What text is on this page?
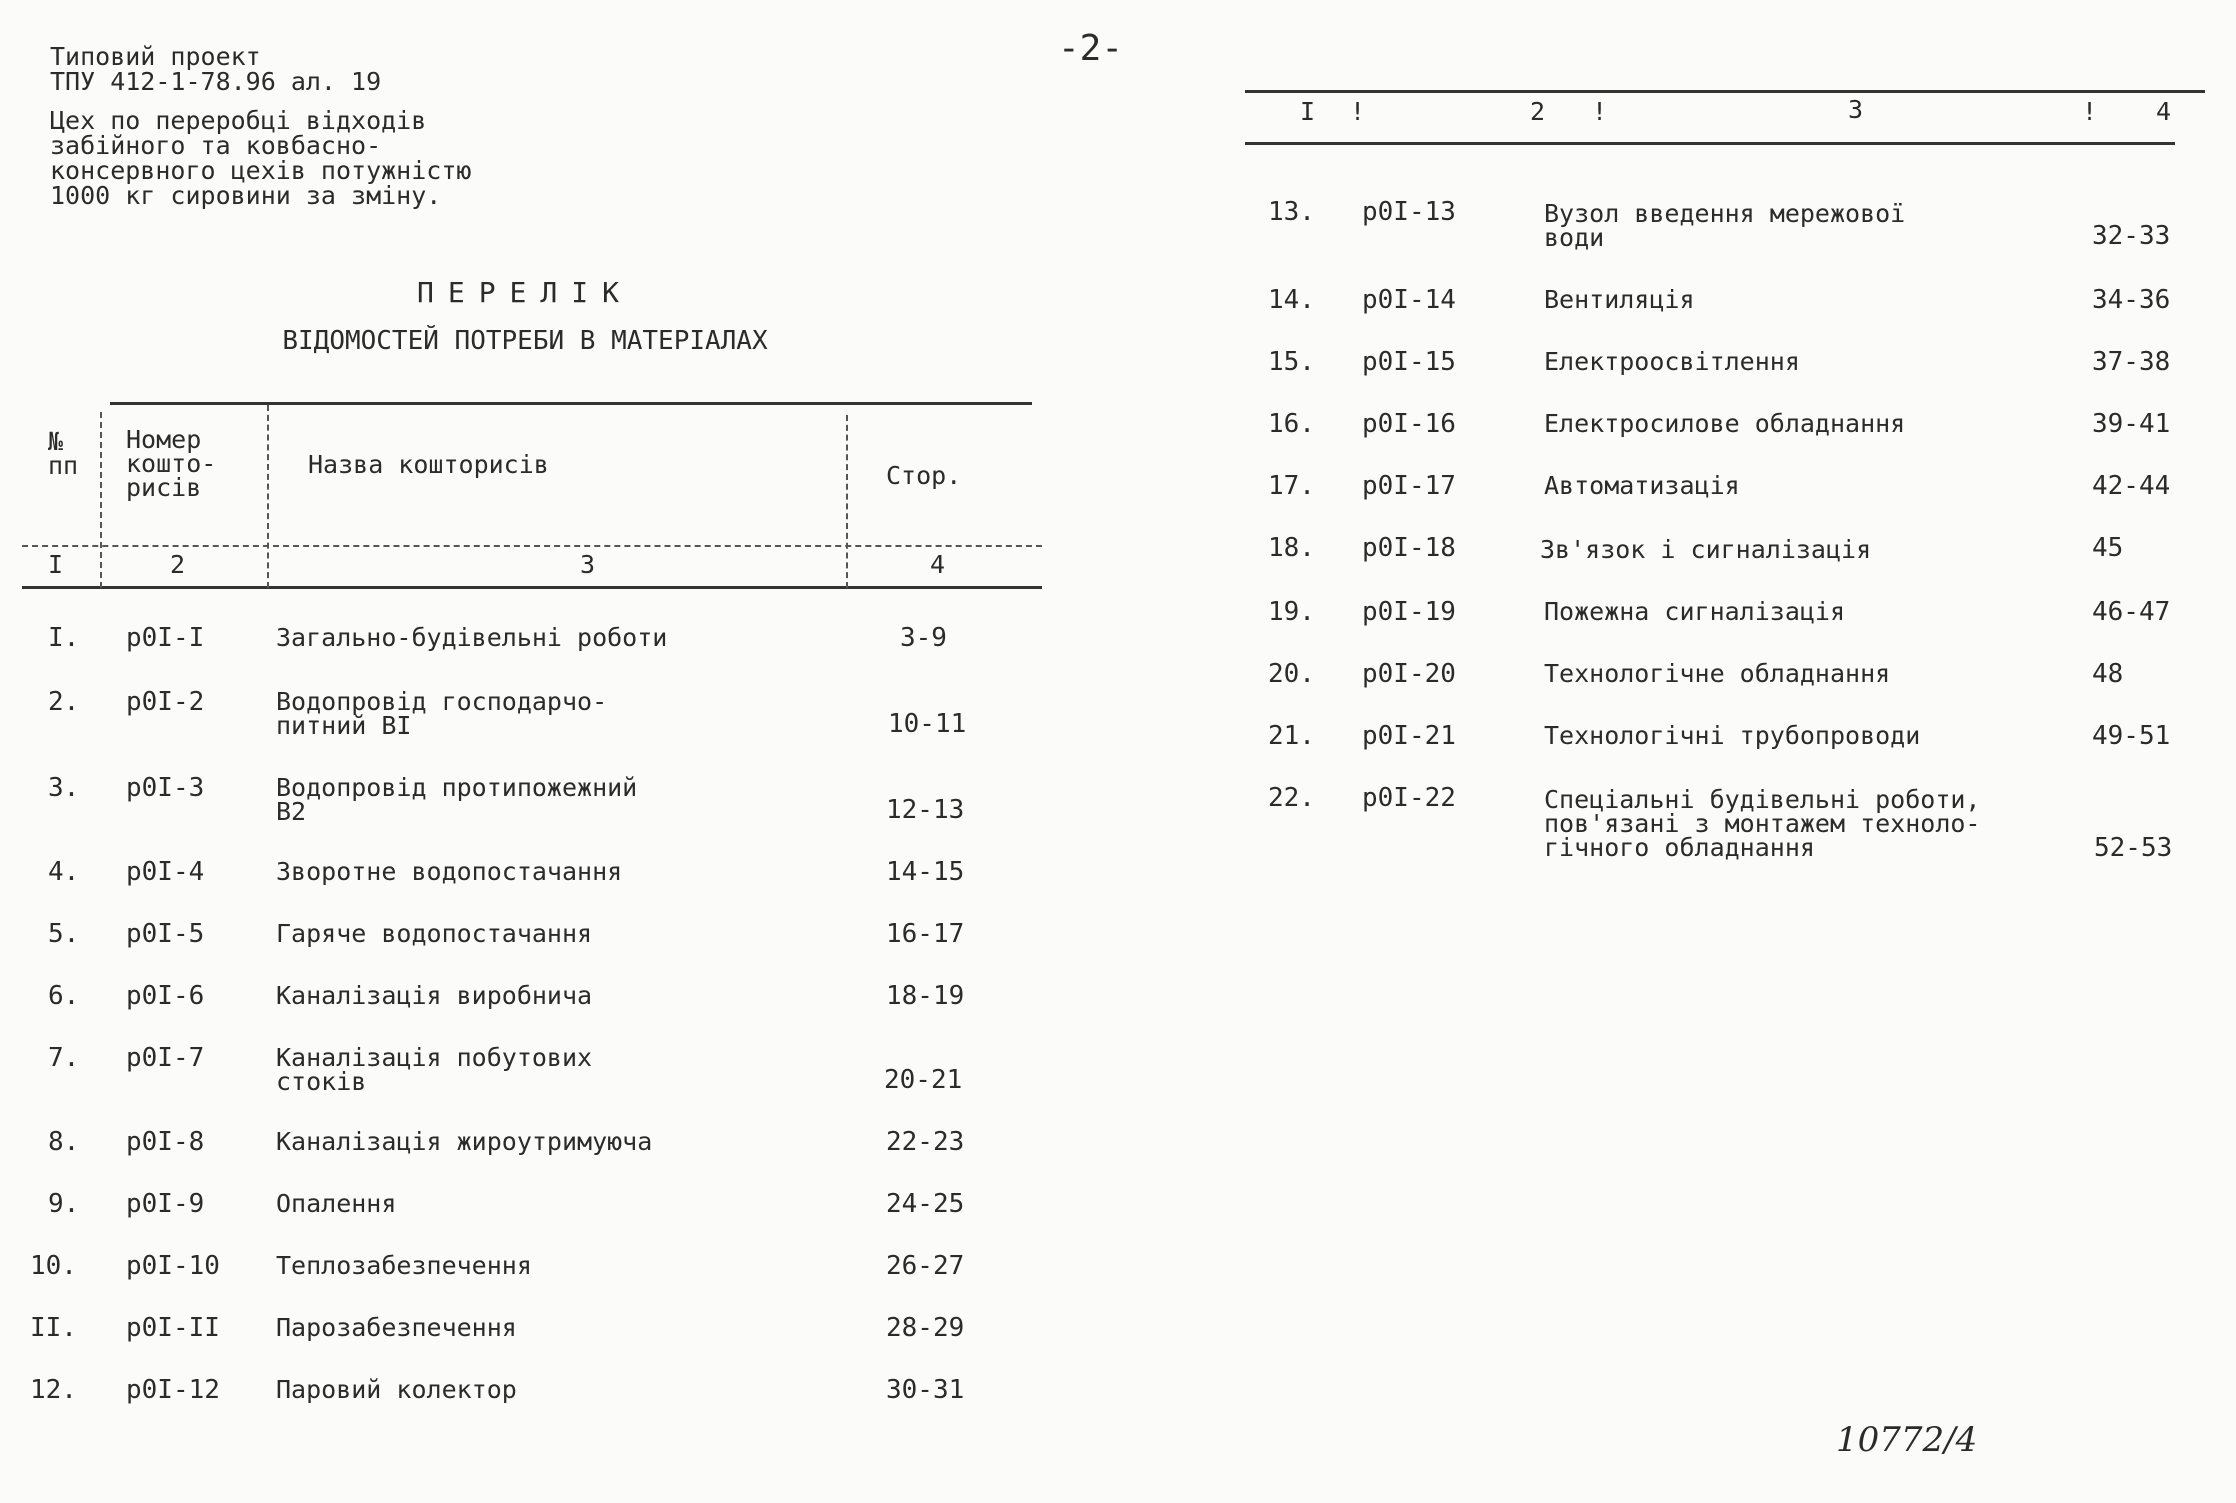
Типовий проект
ТПУ 412-1-78.96 ал. 19
Цех по переробці відходів
забійного та ковбасно-
консервного цехів потужністю
1000 кг сировини за зміну.
-2-
ПЕРЕЛІК
ВІДОМОСТЕЙ ПОТРЕБИ В МАТЕРІАЛАХ
№
пп
Номер
кошто-
рисів
Назва кошторисів	Стор.
I	2	3	4
I. р0I-I	Загально-будівельні роботи	3-9
2. р0I-2	Водопровід господарчо-
питний ВІ	10-11
3. р0I-3	Водопровід протипожежний
В2	12-13
4. р0I-4	Зворотне водопостачання	14-15
5. р0I-5	Гаряче водопостачання	16-17
6. р0I-6	Каналізація виробнича	18-19
7. р0I-7	Каналізація побутових
стоків	20-21
8. р0I-8	Каналізація жироутримуюча	22-23
9. р0I-9	Опалення	24-25
10. р0I-10 Теплозабезпечення	26-27
II. р0I-II Парозабезпечення	28-29
12. р0I-12 Паровий колектор	30-31
I !	2 !	3	! 4
13. р0I-13	Вузол введення мережової
води	32-33
14. р0I-14	Вентиляція	34-36
15. р0I-15	Електроосвітлення	37-38
16. р0I-16	Електросилове обладнання	39-41
17. р0I-17	Автоматизація	42-44
18. р0I-18	Зв'язок і сигналізація	45
19. р0I-19	Пожежна сигналізація	46-47
20. р0I-20	Технологічне обладнання	48
21. р0I-21	Технологічні трубопроводи	49-51
22. р0I-22	Спеціальні будівельні роботи,
пов'язані з монтажем техноло-
гічного обладнання	52-53
10772/4
